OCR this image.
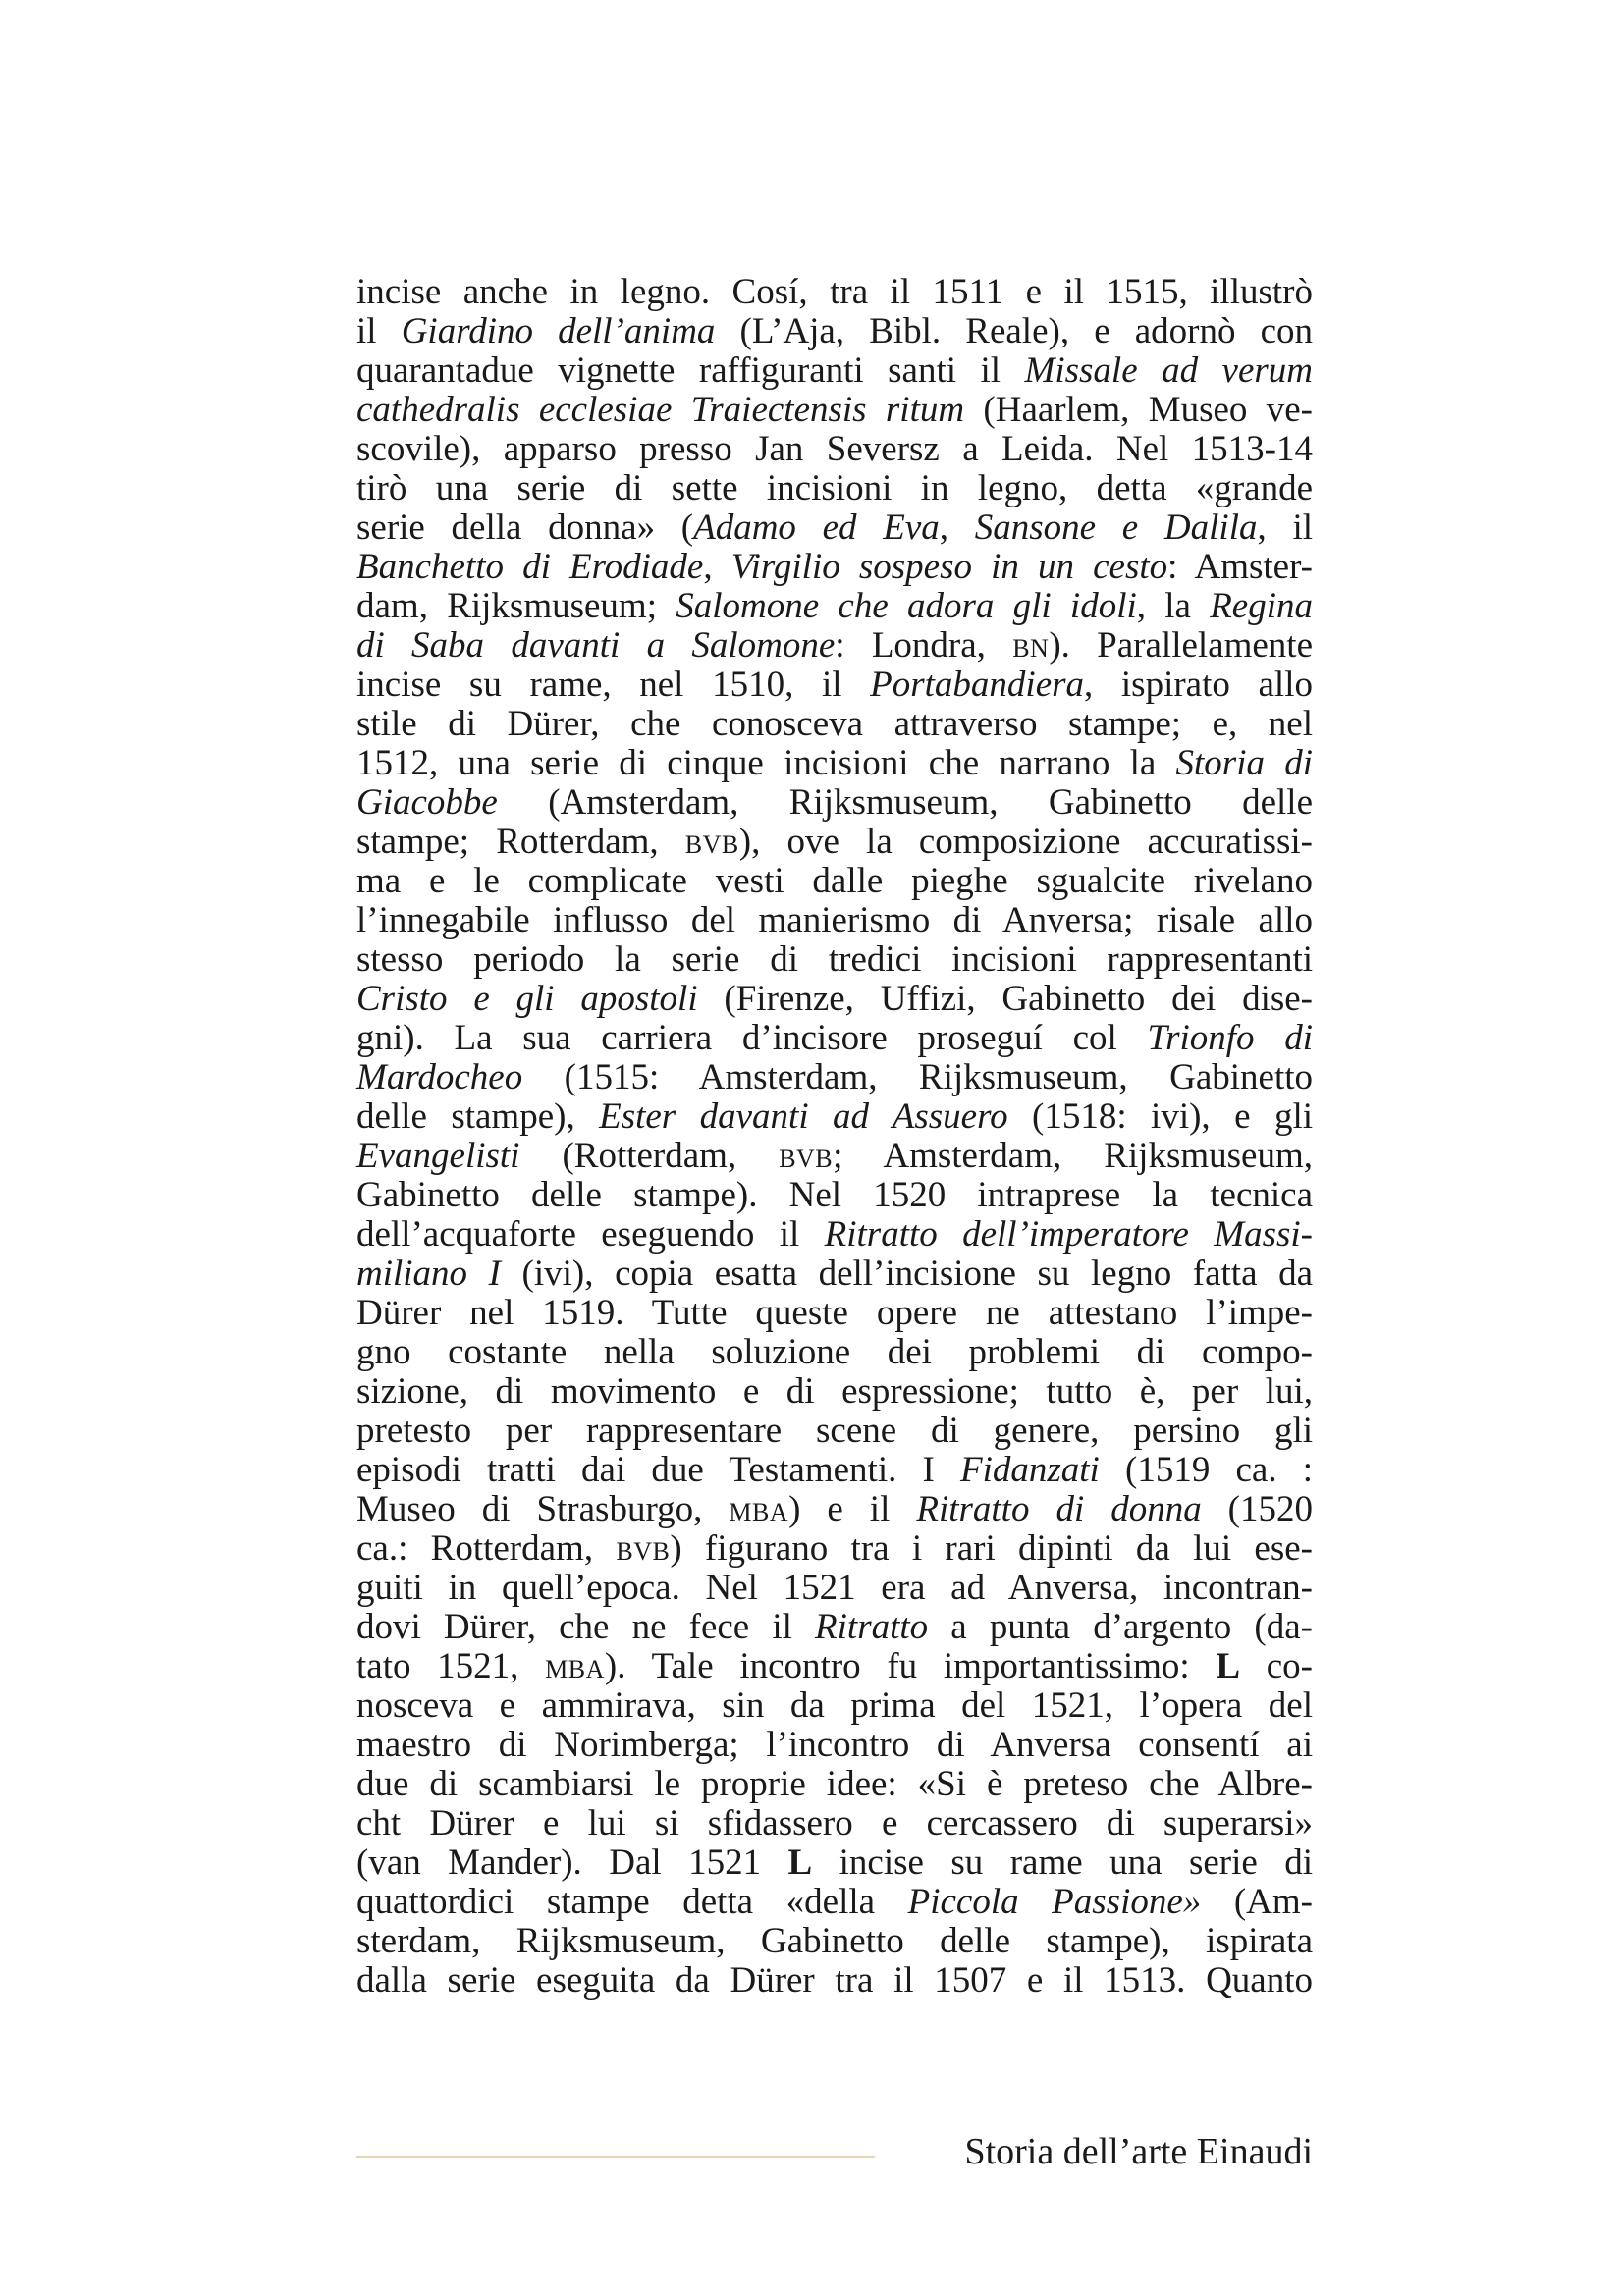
incise anche in legno. Cosí, tra il 1511 e il 1515, illustrò
il Giardino dell’anima (L’Aja, Bibl. Reale), e adornò con
quarantadue vignette raffiguranti santi il Missale ad verum
cathedralis ecclesiae Traiectensis ritum (Haarlem, Museo ve-
scovile), apparso presso Jan Seversz a Leida. Nel 1513-14
tirò una serie di sette incisioni in legno, detta «grande
serie della donna» (Adamo ed Eva, Sansone e Dalila, il
Banchetto di Erodiade, Virgilio sospeso in un cesto: Amster-
dam, Rijksmuseum; Salomone che adora gli idoli, la Regina
di Saba davanti a Salomone: Londra, bn). Parallelamente
incise su rame, nel 1510, il Portabandiera, ispirato allo
stile di Dürer, che conosceva attraverso stampe; e, nel
1512, una serie di cinque incisioni che narrano la Storia di
Giacobbe (Amsterdam, Rijksmuseum, Gabinetto delle
stampe; Rotterdam, bvb), ove la composizione accuratissi-
ma e le complicate vesti dalle pieghe sgualcite rivelano
l’innegabile influsso del manierismo di Anversa; risale allo
stesso periodo la serie di tredici incisioni rappresentanti
Cristo e gli apostoli (Firenze, Uffizi, Gabinetto dei dise-
gni). La sua carriera d’incisore proseguí col Trionfo di
Mardocheo (1515: Amsterdam, Rijksmuseum, Gabinetto
delle stampe), Ester davanti ad Assuero (1518: ivi), e gli
Evangelisti (Rotterdam, bvb; Amsterdam, Rijksmuseum,
Gabinetto delle stampe). Nel 1520 intraprese la tecnica
dell’acquaforte eseguendo il Ritratto dell’imperatore Massi-
miliano I (ivi), copia esatta dell’incisione su legno fatta da
Dürer nel 1519. Tutte queste opere ne attestano l’impe-
gno costante nella soluzione dei problemi di compo-
sizione, di movimento e di espressione; tutto è, per lui,
pretesto per rappresentare scene di genere, persino gli
episodi tratti dai due Testamenti. I Fidanzati (1519 ca. :
Museo di Strasburgo, mba) e il Ritratto di donna (1520
ca.: Rotterdam, bvb) figurano tra i rari dipinti da lui ese-
guiti in quell’epoca. Nel 1521 era ad Anversa, incontran-
dovi Dürer, che ne fece il Ritratto a punta d’argento (da-
tato 1521, mba). Tale incontro fu importantissimo: L co-
nosceva e ammirava, sin da prima del 1521, l’opera del
maestro di Norimberga; l’incontro di Anversa consentí ai
due di scambiarsi le proprie idee: «Si è preteso che Albre-
cht Dürer e lui si sfidassero e cercassero di superarsi»
(van Mander). Dal 1521 L incise su rame una serie di
quattordici stampe detta «della Piccola Passione» (Am-
sterdam, Rijksmuseum, Gabinetto delle stampe), ispirata
dalla serie eseguita da Dürer tra il 1507 e il 1513. Quanto
Storia dell’arte Einaudi
